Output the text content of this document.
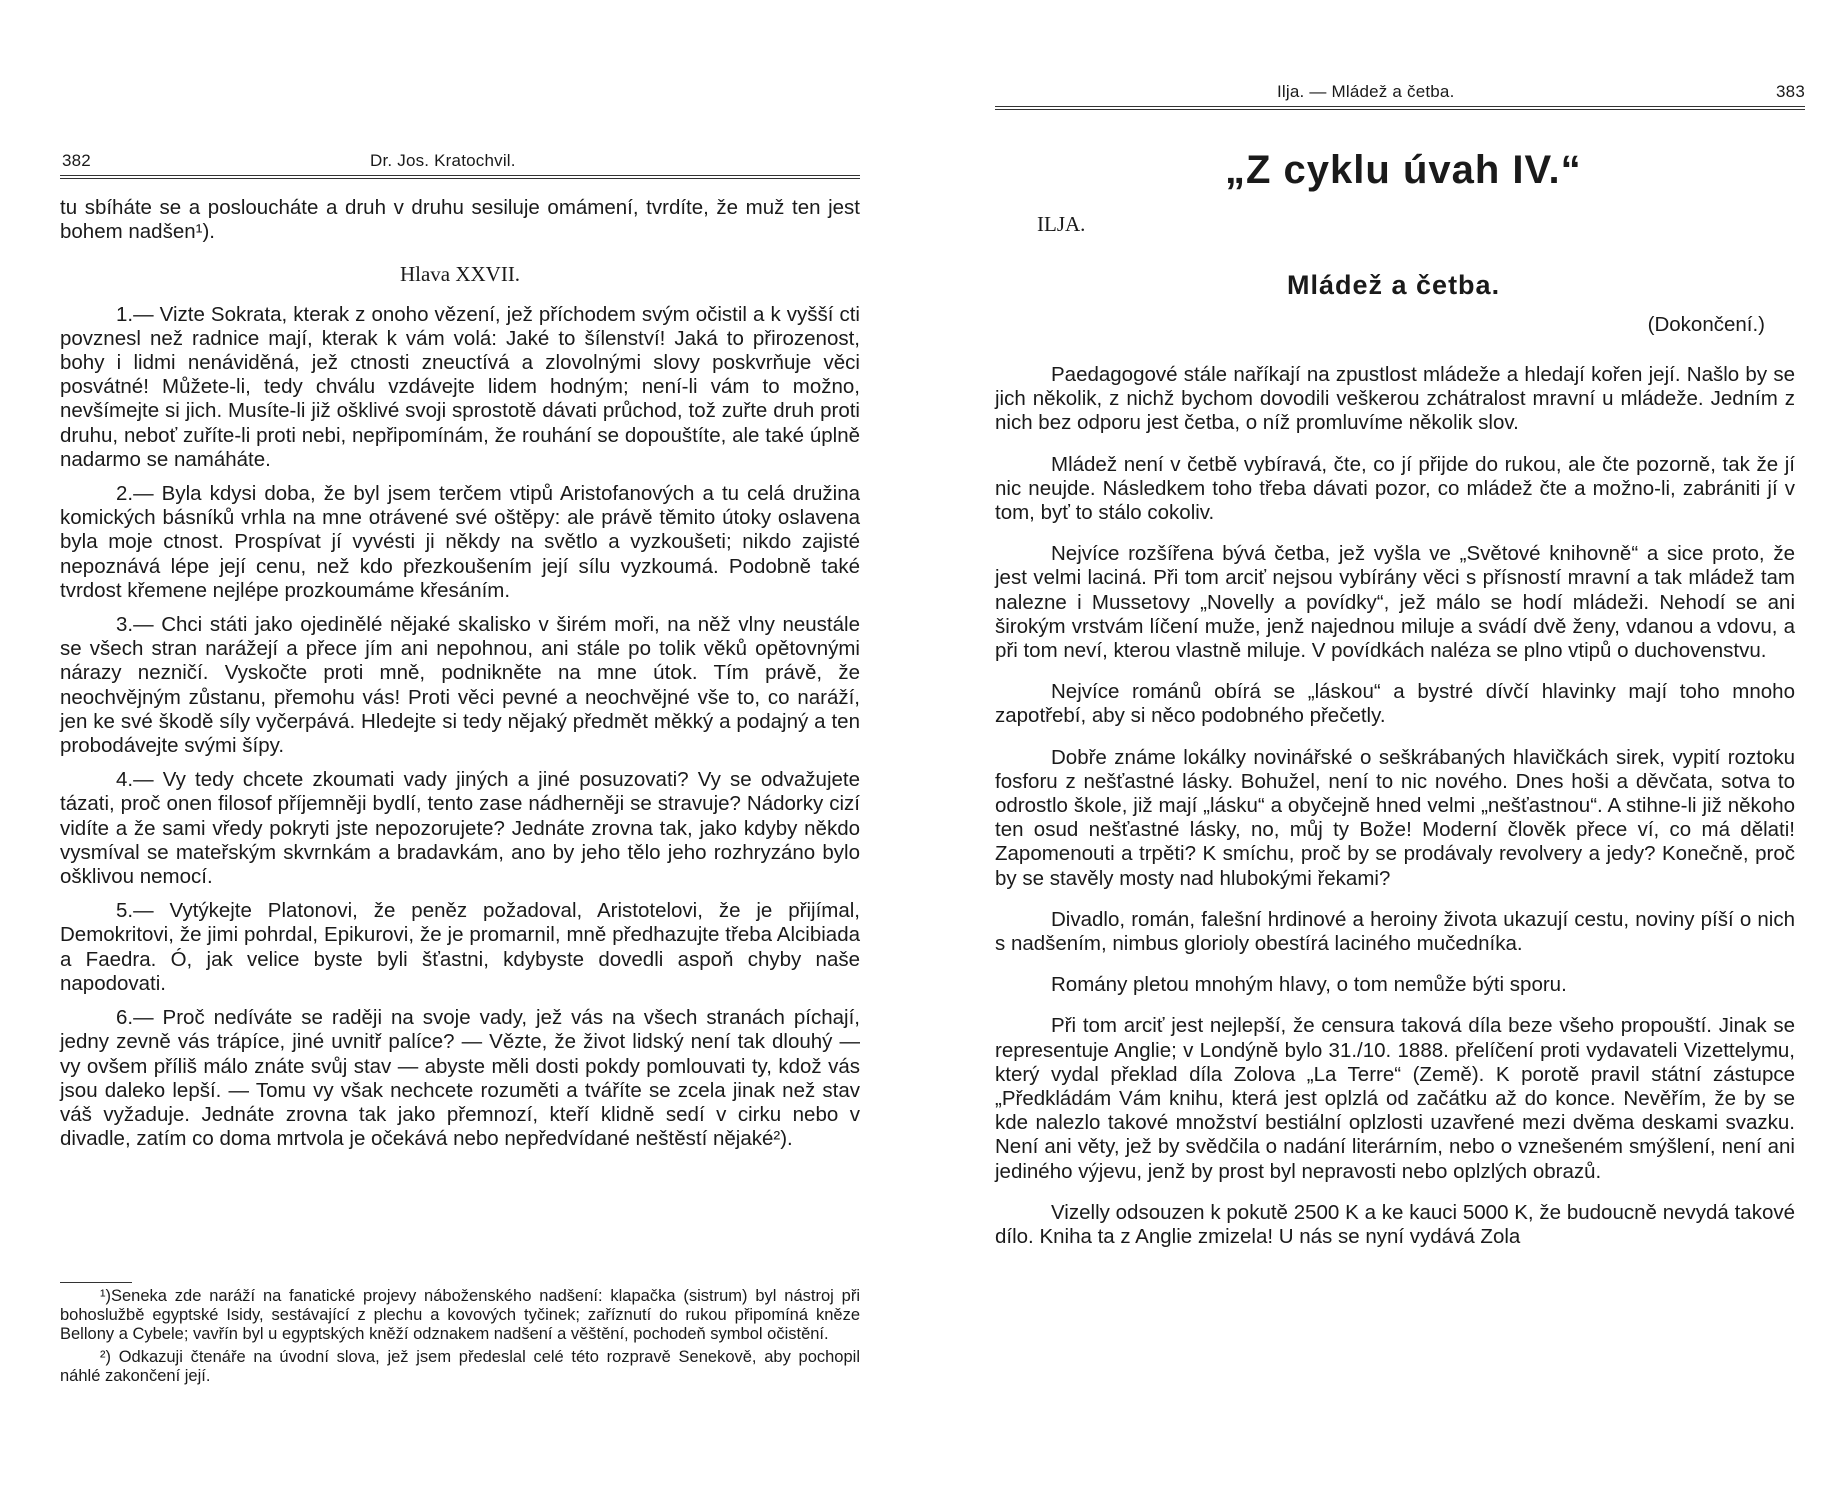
382	Dr. Jos. Kratochvil.

tu sbíháte se a posloucháte a druh v druhu sesiluje omámení, tvrdíte, že muž ten jest bohem nadšen¹).

Hlava XXVII.

1.— Vizte Sokrata, kterak z onoho vězení, jež příchodem svým očistil a k vyšší cti povznesl než radnice mají, kterak k vám volá: Jaké to šílenství! Jaká to přirozenost, bohy i lidmi nenáviděná, jež ctnosti zneuctívá a zlovolnými slovy poskvrňuje věci posvátné! Můžete-li, tedy chválu vzdávejte lidem hodným; není-li vám to možno, nevšímejte si jich. Musíte-li již ošklivé svoji sprostotě dávati průchod, tož zuřte druh proti druhu, neboť zuříte-li proti nebi, nepřipomínám, že rouhání se dopouštíte, ale také úplně nadarmo se namáháte.

2.— Byla kdysi doba, že byl jsem terčem vtipů Aristofanových a tu celá družina komických básníků vrhla na mne otrávené své oštěpy: ale právě těmito útoky oslavena byla moje ctnost. Prospívat jí vyvésti ji někdy na světlo a vyzkoušeti; nikdo zajisté nepoznává lépe její cenu, než kdo přezkoušením její sílu vyzkoumá. Podobně také tvrdost křemene nejlépe prozkoumáme křesáním.

3.— Chci státi jako ojedinělé nějaké skalisko v širém moři, na něž vlny neustále se všech stran narážejí a přece jím ani nepohnou, ani stále po tolik věků opětovnými nárazy nezničí. Vyskočte proti mně, podnikněte na mne útok. Tím právě, že neochvějným zůstanu, přemohu vás! Proti věci pevné a neochvějné vše to, co naráží, jen ke své škodě síly vyčerpává. Hledejte si tedy nějaký předmět měkký a podajný a ten probodávejte svými šípy.

4.— Vy tedy chcete zkoumati vady jiných a jiné posuzovati? Vy se odvažujete tázati, proč onen filosof příjemněji bydlí, tento zase nádherněji se stravuje? Nádorky cizí vidíte a že sami vředy pokryti jste nepozorujete? Jednáte zrovna tak, jako kdyby někdo vysmíval se mateřským skvrnkám a bradavkám, ano by jeho tělo jeho rozhryzáno bylo ošklivou nemocí.

5.— Vytýkejte Platonovi, že peněz požadoval, Aristotelovi, že je přijímal, Demokritovi, že jimi pohrdal, Epikurovi, že je promarnil, mně předhazujte třeba Alcibiada a Faedra. Ó, jak velice byste byli šťastni, kdybyste dovedli aspoň chyby naše napodovati.

6.— Proč nedíváte se raději na svoje vady, jež vás na všech stranách píchají, jedny zevně vás trápíce, jiné uvnitř palíce? — Vězte, že život lidský není tak dlouhý — vy ovšem příliš málo znáte svůj stav — abyste měli dosti pokdy pomlouvati ty, kdož vás jsou daleko lepší. — Tomu vy však nechcete rozuměti a tváříte se zcela jinak než stav váš vyžaduje. Jednáte zrovna tak jako přemnozí, kteří klidně sedí v cirku nebo v divadle, zatím co doma mrtvola je očekává nebo nepředvídané neštěstí nějaké²).

¹)Seneka zde naráží na fanatické projevy náboženského nadšení: klapačka (sistrum) byl nástroj při bohoslužbě egyptské Isidy, sestávající z plechu a kovových tyčinek; zaříznutí do rukou připomíná kněze Bellony a Cybele; vavřín byl u egyptských kněží odznakem nadšení a věštění, pochodeň symbol očistění.

²) Odkazuji čtenáře na úvodní slova, jež jsem předeslal celé této rozpravě Senekově, aby pochopil náhlé zakončení její.

Ilja. — Mládež a četba.	383
„Z cyklu úvah IV.“
ILJA.
Mládež a četba.
(Dokončení.)

Paedagogové stále naříkají na zpustlost mládeže a hledají kořen její. Našlo by se jich několik, z nichž bychom dovodili veškerou zchátralost mravní u mládeže. Jedním z nich bez odporu jest četba, o níž promluvíme několik slov.

Mládež není v četbě vybíravá, čte, co jí přijde do rukou, ale čte pozorně, tak že jí nic neujde. Následkem toho třeba dávati pozor, co mládež čte a možno-li, zabrániti jí v tom, byť to stálo cokoliv.

Nejvíce rozšířena bývá četba, jež vyšla ve „Světové knihovně“ a sice proto, že jest velmi laciná. Při tom arciť nejsou vybírány věci s přísností mravní a tak mládež tam nalezne i Mussetovy „Novelly a povídky“, jež málo se hodí mládeži. Nehodí se ani širokým vrstvám líčení muže, jenž najednou miluje a svádí dvě ženy, vdanou a vdovu, a při tom neví, kterou vlastně miluje. V povídkách naléza se plno vtipů o duchovenstvu.

Nejvíce románů obírá se „láskou“ a bystré dívčí hlavinky mají toho mnoho zapotřebí, aby si něco podobného přečetly.

Dobře známe lokálky novinářské o seškrábaných hlavičkách sirek, vypití roztoku fosforu z nešťastné lásky. Bohužel, není to nic nového. Dnes hoši a děvčata, sotva to odrostlo škole, již mají „lásku“ a obyčejně hned velmi „nešťastnou“. A stihne-li již někoho ten osud nešťastné lásky, no, můj ty Bože! Moderní člověk přece ví, co má dělati! Zapomenouti a trpěti? K smíchu, proč by se prodávaly revolvery a jedy? Konečně, proč by se stavěly mosty nad hlubokými řekami?

Divadlo, román, falešní hrdinové a heroiny života ukazují cestu, noviny píší o nich s nadšením, nimbus glorioly obestírá laciného mučedníka.

Romány pletou mnohým hlavy, o tom nemůže býti sporu.

Při tom arciť jest nejlepší, že censura taková díla beze všeho propouští. Jinak se representuje Anglie; v Londýně bylo 31./10. 1888. přelíčení proti vydavateli Vizettelymu, který vydal překlad díla Zolova „La Terre“ (Země). K porotě pravil státní zástupce „Předkládám Vám knihu, která jest oplzlá od začátku až do konce. Nevěřím, že by se kde nalezlo takové množství bestiální oplzlosti uzavřené mezi dvěma deskami svazku. Není ani věty, jež by svědčila o nadání literárním, nebo o vznešeném smýšlení, není ani jediného výjevu, jenž by prost byl nepravosti nebo oplzlých obrazů.

Vizelly odsouzen k pokutě 2500 K a ke kauci 5000 K, že budoucně nevydá takové dílo. Kniha ta z Anglie zmizela! U nás se nyní vydává Zola
